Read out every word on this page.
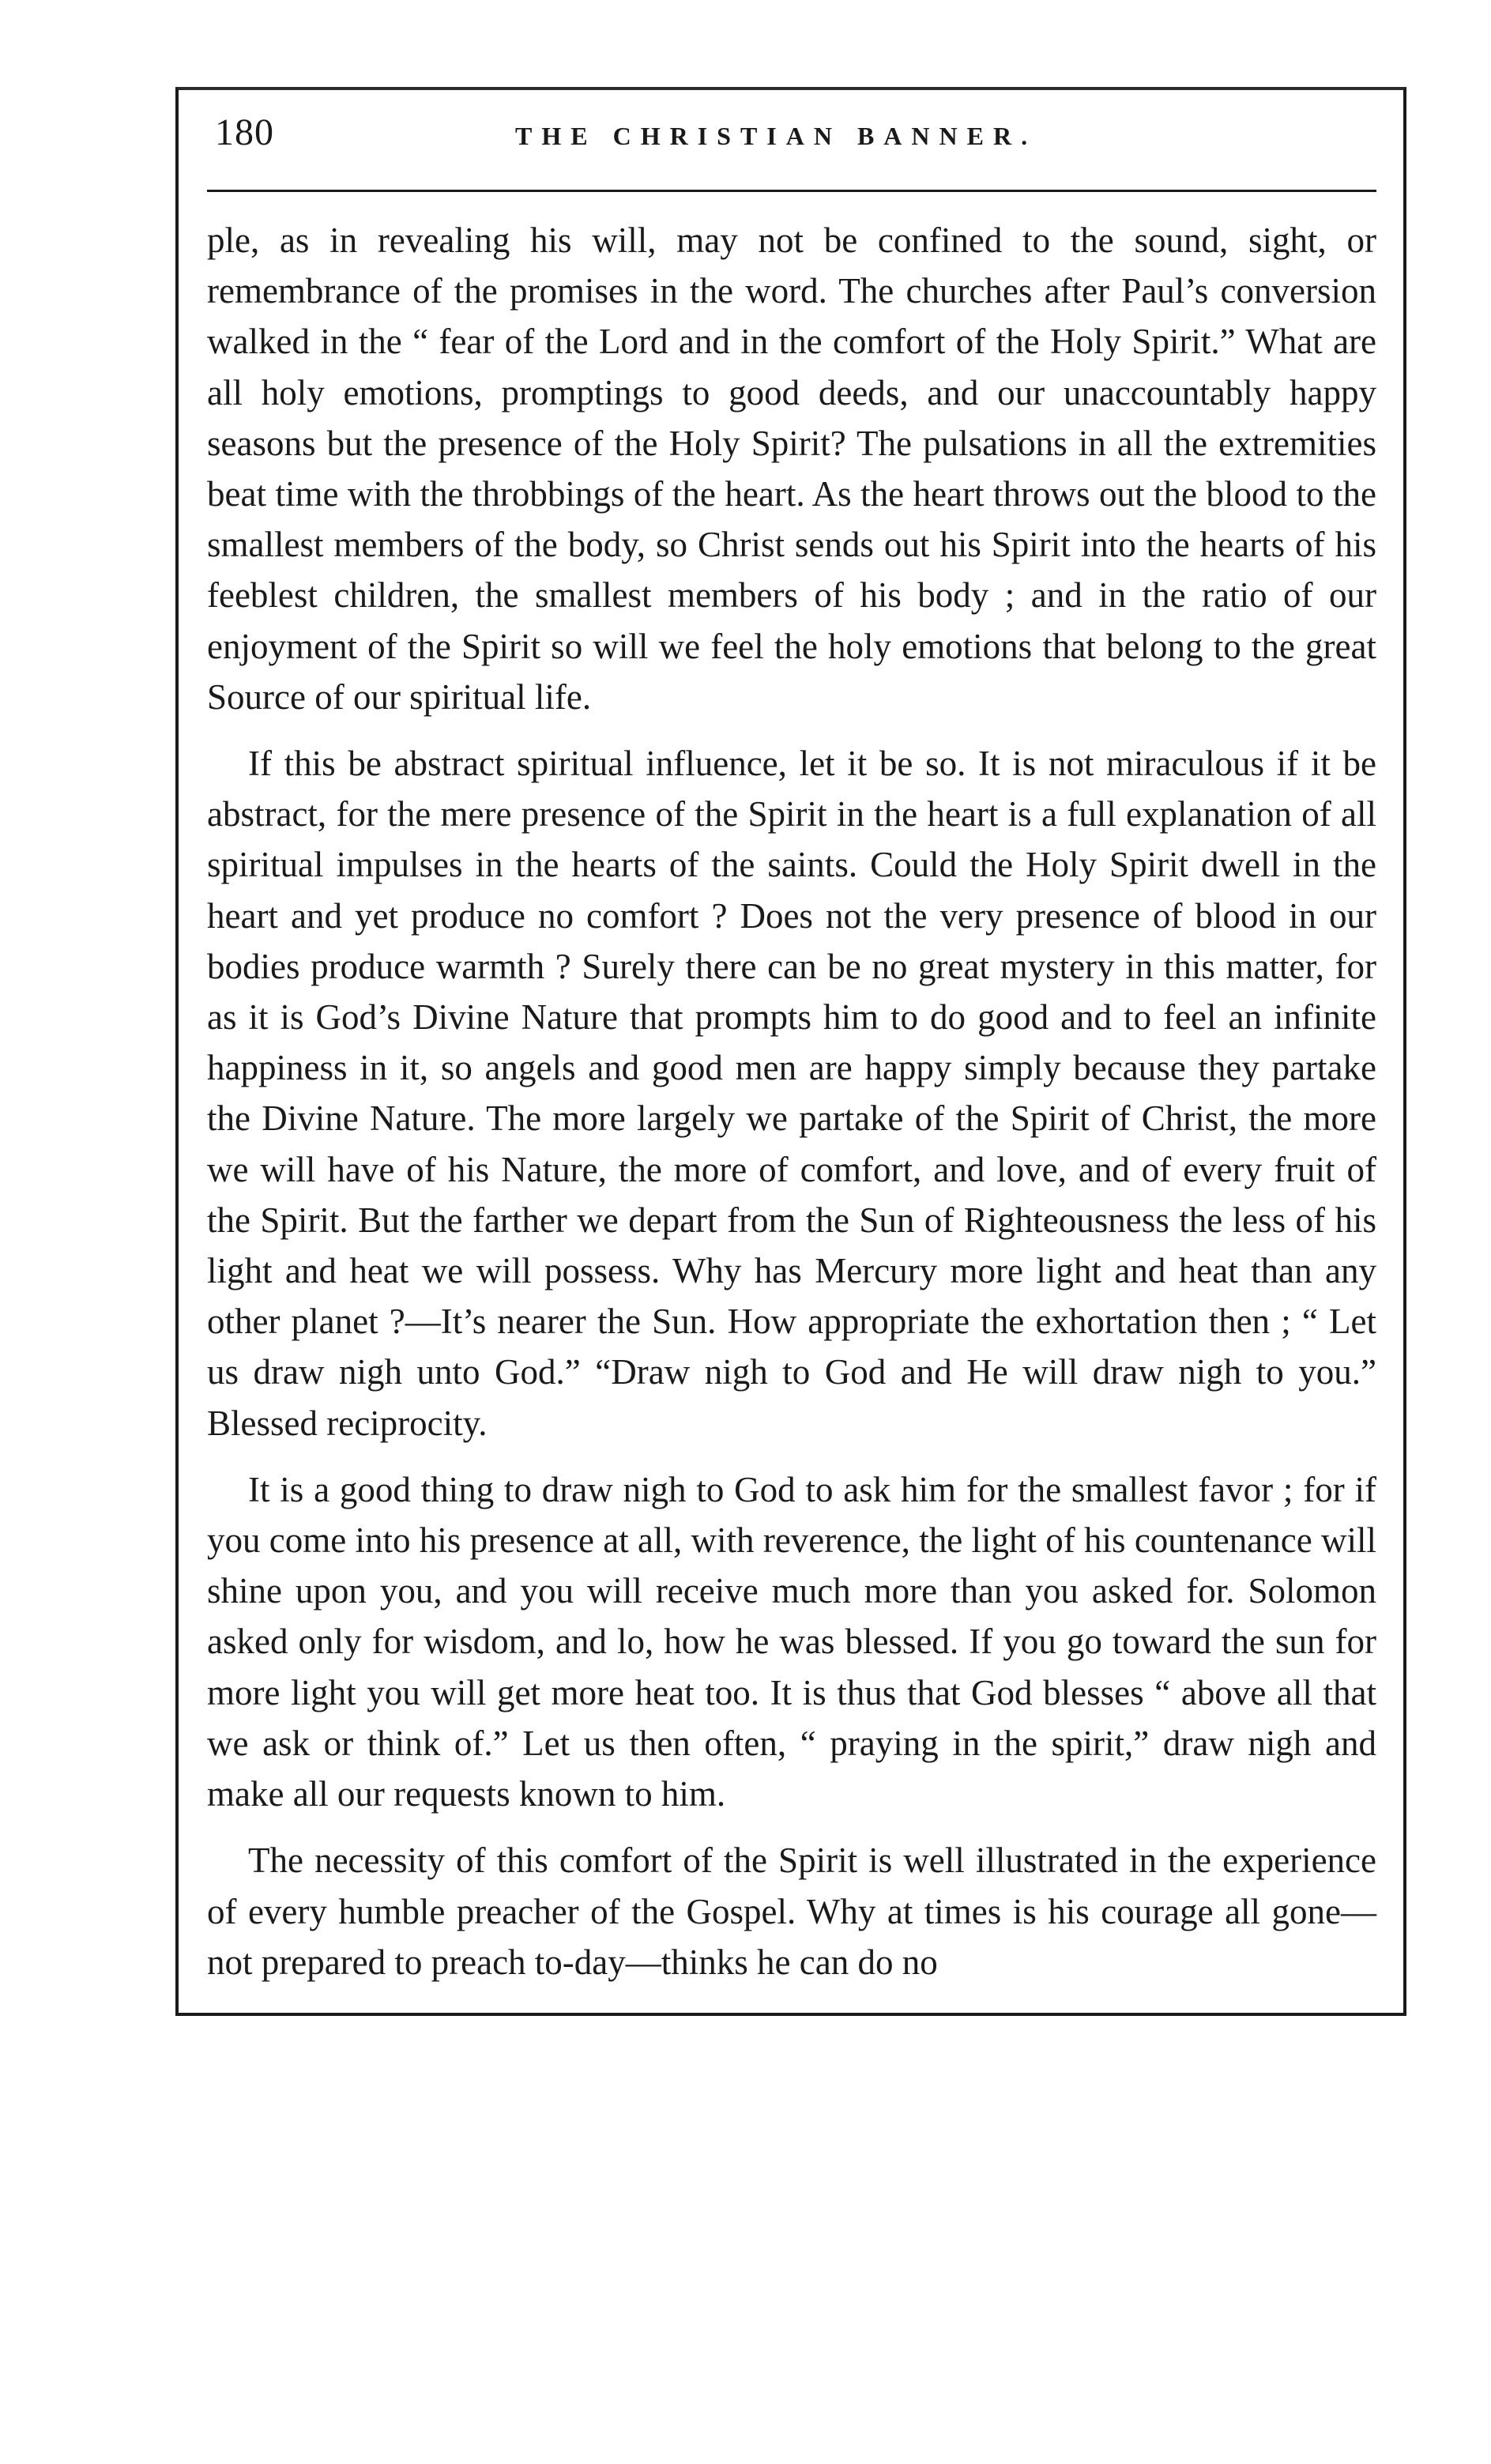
180	THE CHRISTIAN BANNER.

ple, as in revealing his will, may not be confined to the sound, sight, or remembrance of the promises in the word. The churches after Paul’s conversion walked in the “ fear of the Lord and in the comfort of the Holy Spirit.” What are all holy emotions, promptings to good deeds, and our unaccountably happy seasons but the presence of the Holy Spirit? The pulsations in all the extremities beat time with the throbbings of the heart. As the heart throws out the blood to the smallest members of the body, so Christ sends out his Spirit into the hearts of his feeblest children, the smallest members of his body ; and in the ratio of our enjoyment of the Spirit so will we feel the holy emotions that belong to the great Source of our spiritual life.

If this be abstract spiritual influence, let it be so. It is not miraculous if it be abstract, for the mere presence of the Spirit in the heart is a full explanation of all spiritual impulses in the hearts of the saints. Could the Holy Spirit dwell in the heart and yet produce no comfort ? Does not the very presence of blood in our bodies produce warmth ? Surely there can be no great mystery in this matter, for as it is God’s Divine Nature that prompts him to do good and to feel an infinite happiness in it, so angels and good men are happy simply because they partake the Divine Nature. The more largely we partake of the Spirit of Christ, the more we will have of his Nature, the more of comfort, and love, and of every fruit of the Spirit. But the farther we depart from the Sun of Righteousness the less of his light and heat we will possess. Why has Mercury more light and heat than any other planet ?—It’s nearer the Sun. How appropriate the exhortation then ; “ Let us draw nigh unto God.” “Draw nigh to God and He will draw nigh to you.” Blessed reciprocity.

It is a good thing to draw nigh to God to ask him for the smallest favor ; for if you come into his presence at all, with reverence, the light of his countenance will shine upon you, and you will receive much more than you asked for. Solomon asked only for wisdom, and lo, how he was blessed. If you go toward the sun for more light you will get more heat too. It is thus that God blesses “ above all that we ask or think of.” Let us then often, “ praying in the spirit,” draw nigh and make all our requests known to him.

The necessity of this comfort of the Spirit is well illustrated in the experience of every humble preacher of the Gospel. Why at times is his courage all gone—not prepared to preach to-day—thinks he can do no
